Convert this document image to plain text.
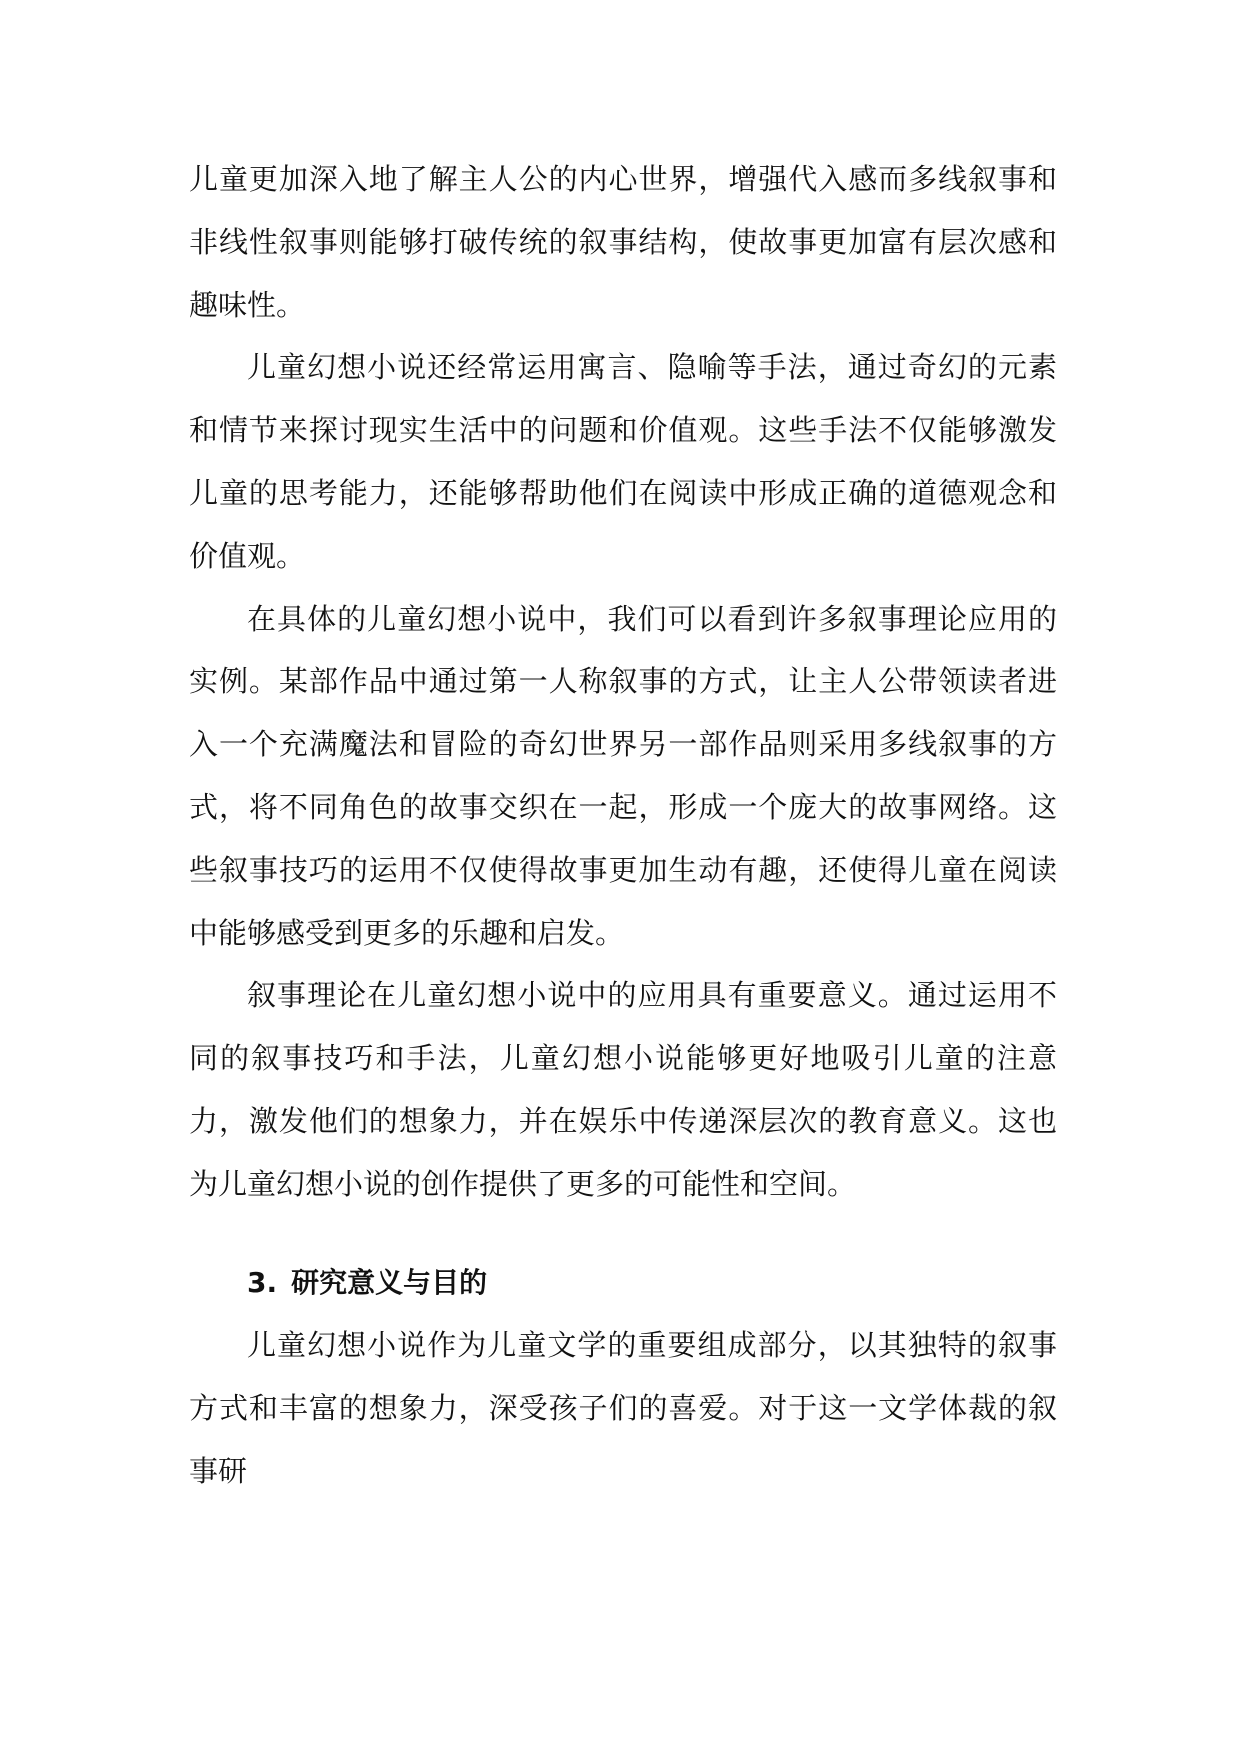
儿童更加深入地了解主人公的内心世界，增强代入感而多线叙事和非线性叙事则能够打破传统的叙事结构，使故事更加富有层次感和趣味性。

儿童幻想小说还经常运用寓言、隐喻等手法，通过奇幻的元素和情节来探讨现实生活中的问题和价值观。这些手法不仅能够激发儿童的思考能力，还能够帮助他们在阅读中形成正确的道德观念和价值观。

在具体的儿童幻想小说中，我们可以看到许多叙事理论应用的实例。某部作品中通过第一人称叙事的方式，让主人公带领读者进入一个充满魔法和冒险的奇幻世界另一部作品则采用多线叙事的方式，将不同角色的故事交织在一起，形成一个庞大的故事网络。这些叙事技巧的运用不仅使得故事更加生动有趣，还使得儿童在阅读中能够感受到更多的乐趣和启发。

叙事理论在儿童幻想小说中的应用具有重要意义。通过运用不同的叙事技巧和手法，儿童幻想小说能够更好地吸引儿童的注意力，激发他们的想象力，并在娱乐中传递深层次的教育意义。这也为儿童幻想小说的创作提供了更多的可能性和空间。

3. 研究意义与目的

儿童幻想小说作为儿童文学的重要组成部分，以其独特的叙事方式和丰富的想象力，深受孩子们的喜爱。对于这一文学体裁的叙事研
